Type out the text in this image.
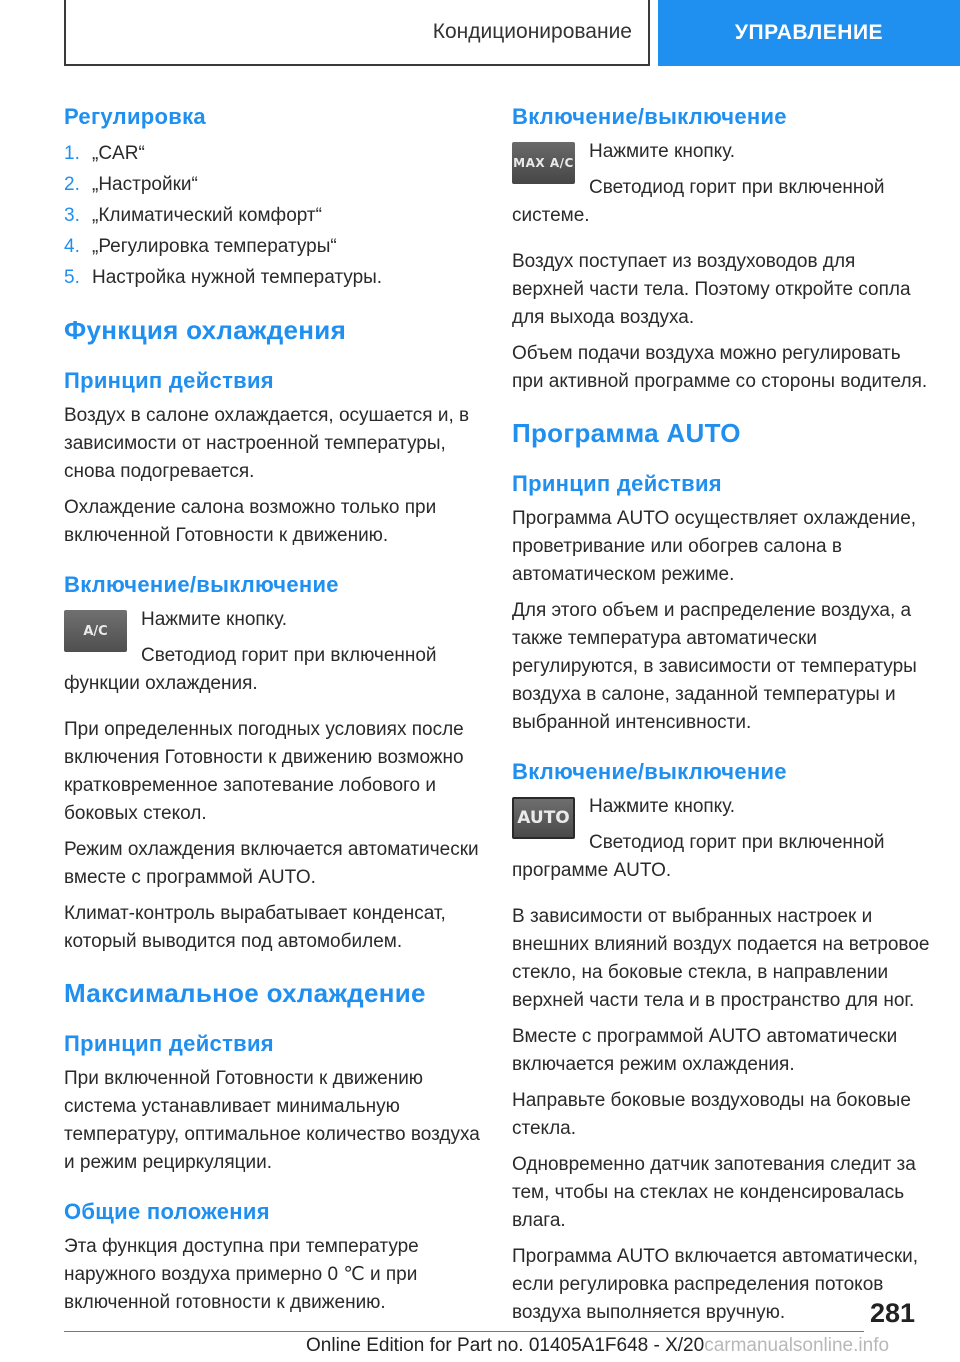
Кондиционирование	УПРАВЛЕНИЕ
Регулировка
1. „CAR“
2. „Настройки“
3. „Климатический комфорт“
4. „Регулировка температуры“
5. Настройка нужной температуры.
Функция охлаждения
Принцип действия

Воздух в салоне охлаждается, осушается и, в зависимости от настроенной температуры, снова подогревается.

Охлаждение салона возможно только при включенной Готовности к движению.

Включение/выключение
A/C

Нажмите кнопку.

Светодиод горит при включенной функции охлаждения.

При определенных погодных условиях после включения Готовности к движению возможно кратковременное запотевание лобового и боковых стекол.

Режим охлаждения включается автоматически вместе с программой AUTO.

Климат-контроль вырабатывает конденсат, который выводится под автомобилем.

Максимальное охлаждение
Принцип действия

При включенной Готовности к движению система устанавливает минимальную температуру, оптимальное количество воздуха и режим рециркуляции.

Общие положения

Эта функция доступна при температуре наружного воздуха примерно 0 ℃ и при включенной готовности к движению.

Включение/выключение
MAX A/C

Нажмите кнопку.

Светодиод горит при включенной системе.

Воздух поступает из воздуховодов для верхней части тела. Поэтому откройте сопла для выхода воздуха.

Объем подачи воздуха можно регулировать при активной программе со стороны водителя.

Программа AUTO
Принцип действия

Программа AUTO осуществляет охлаждение, проветривание или обогрев салона в автоматическом режиме.

Для этого объем и распределение воздуха, а также температура автоматически регулируются, в зависимости от температуры воздуха в салоне, заданной температуры и выбранной интенсивности.

Включение/выключение
AUTO

Нажмите кнопку.

Светодиод горит при включенной программе AUTO.

В зависимости от выбранных настроек и внешних влияний воздух подается на ветровое стекло, на боковые стекла, в направлении верхней части тела и в пространство для ног.

Вместе с программой AUTO автоматически включается режим охлаждения.

Направьте боковые воздуховоды на боковые стекла.

Одновременно датчик запотевания следит за тем, чтобы на стеклах не конденсировалась влага.

Программа AUTO включается автоматически, если регулировка распределения потоков воздуха выполняется вручную.	281
Online Edition for Part no. 01405A1F648 - X/20carmanualsonline.info
